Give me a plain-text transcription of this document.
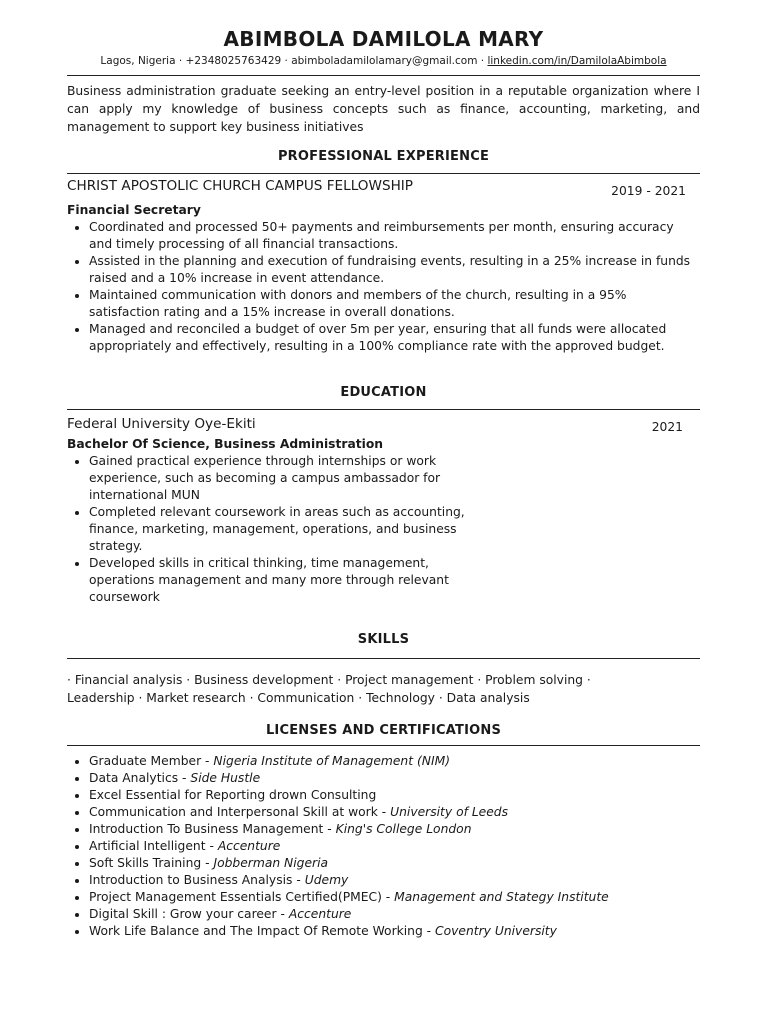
ABIMBOLA DAMILOLA MARY
Lagos, Nigeria · +2348025763429 · abimboladamilolamary@gmail.com · linkedin.com/in/DamilolaAbimbola
Business administration graduate seeking an entry-level position in a reputable organization where I can apply my knowledge of business concepts such as finance, accounting, marketing, and management to support key business initiatives
PROFESSIONAL EXPERIENCE
CHRIST APOSTOLIC CHURCH CAMPUS FELLOWSHIP	2019 - 2021
Financial Secretary
• Coordinated and processed 50+ payments and reimbursements per month, ensuring accuracy and timely processing of all financial transactions.
• Assisted in the planning and execution of fundraising events, resulting in a 25% increase in funds raised and a 10% increase in event attendance.
• Maintained communication with donors and members of the church, resulting in a 95% satisfaction rating and a 15% increase in overall donations.
• Managed and reconciled a budget of over 5m per year, ensuring that all funds were allocated appropriately and effectively, resulting in a 100% compliance rate with the approved budget.
EDUCATION
Federal University Oye-Ekiti	2021
Bachelor Of Science, Business Administration
• Gained practical experience through internships or work experience, such as becoming a campus ambassador for international MUN
• Completed relevant coursework in areas such as accounting, finance, marketing, management, operations, and business strategy.
• Developed skills in critical thinking, time management, operations management and many more through relevant coursework
SKILLS
· Financial analysis · Business development · Project management · Problem solving ·
Leadership · Market research · Communication · Technology · Data analysis
LICENSES AND CERTIFICATIONS
• Graduate Member - Nigeria Institute of Management (NIM)
• Data Analytics - Side Hustle
• Excel Essential for Reporting drown Consulting
• Communication and Interpersonal Skill at work - University of Leeds
• Introduction To Business Management - King's College London
• Artificial Intelligent - Accenture
• Soft Skills Training - Jobberman Nigeria
• Introduction to Business Analysis - Udemy
• Project Management Essentials Certified(PMEC) - Management and Stategy Institute
• Digital Skill : Grow your career - Accenture
• Work Life Balance and The Impact Of Remote Working - Coventry University
